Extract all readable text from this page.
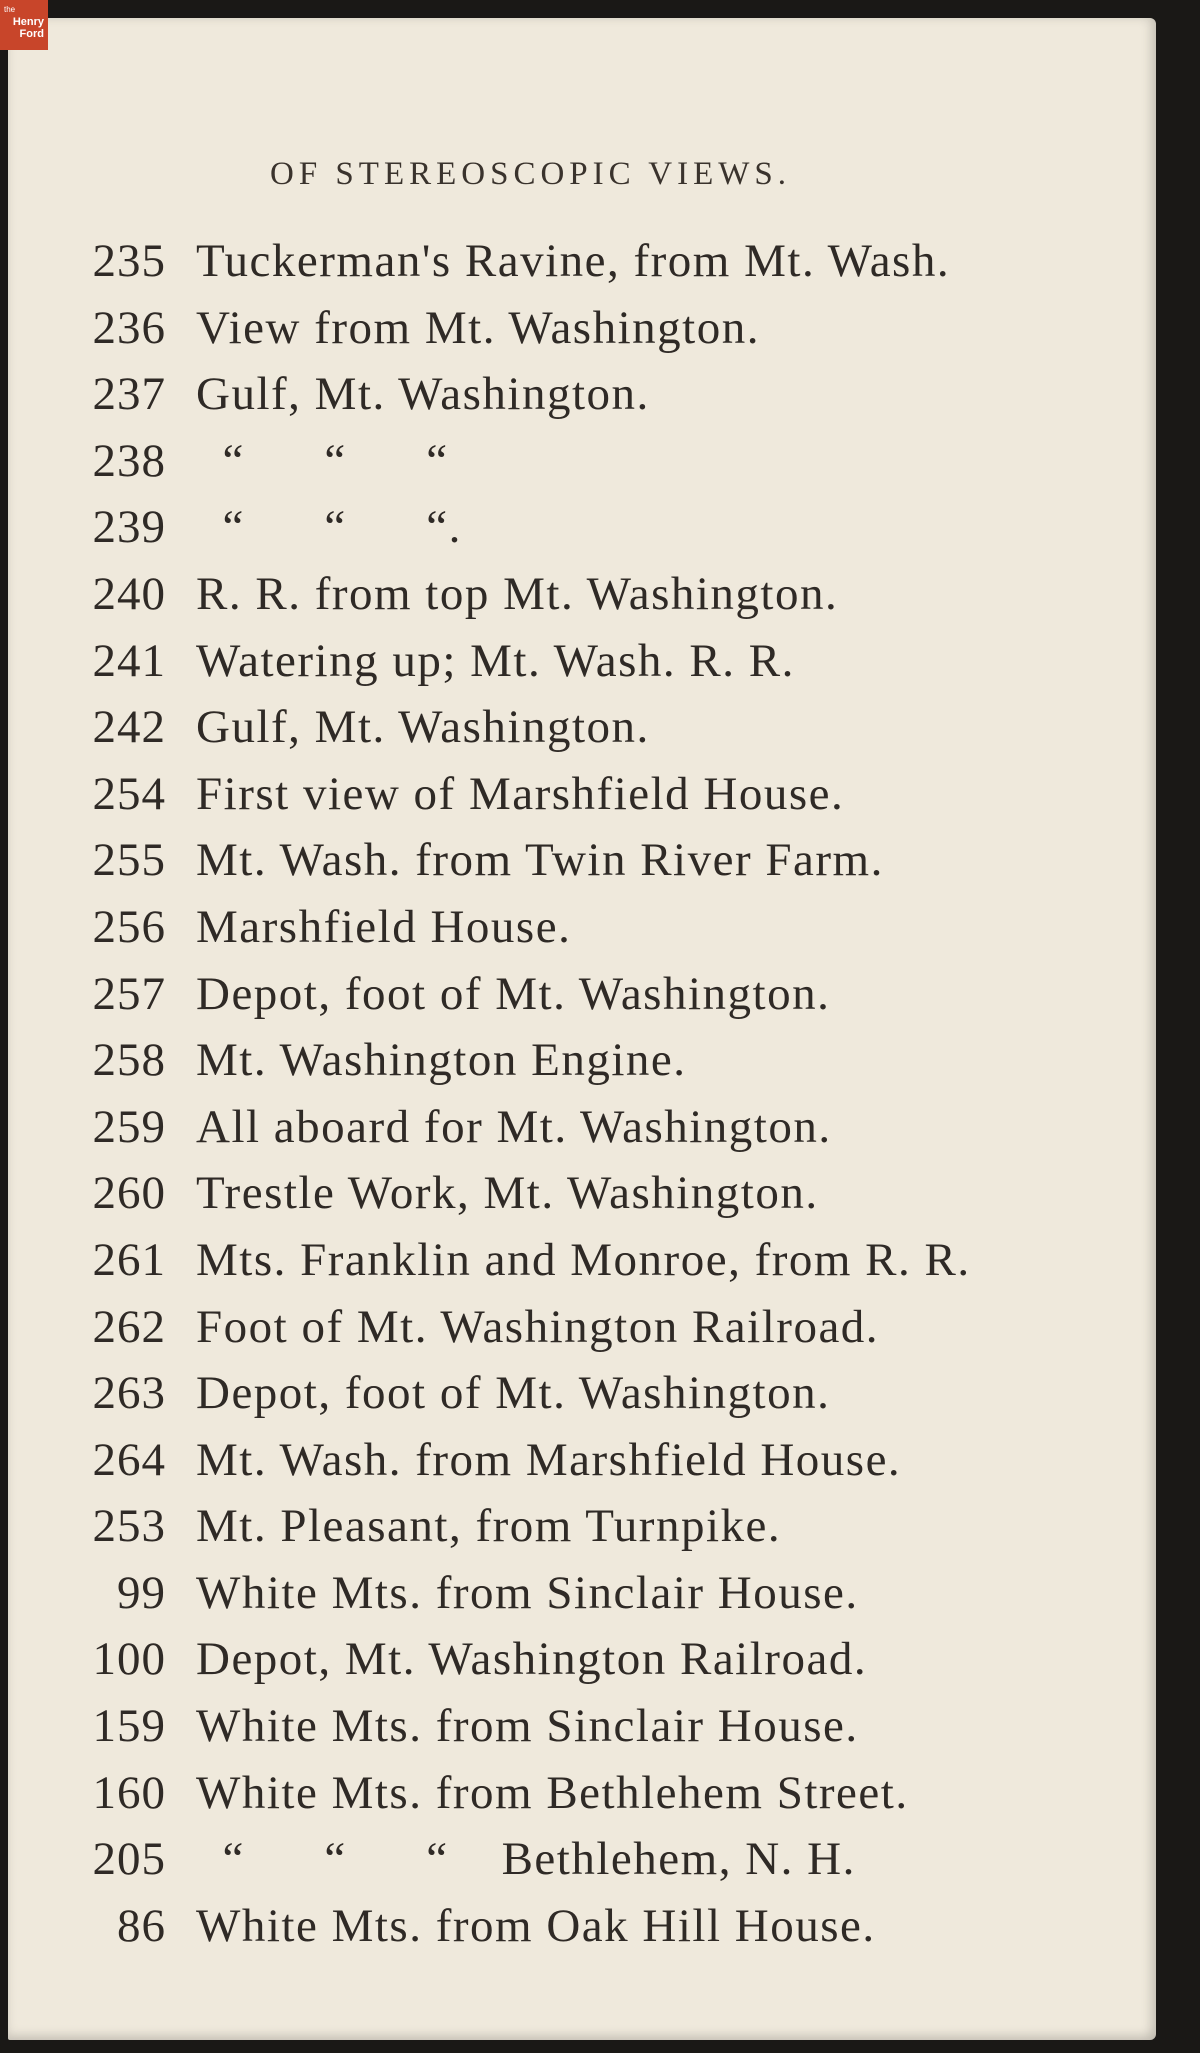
the
Henry
Ford
OF STEREOSCOPIC VIEWS.
235 Tuckerman's Ravine, from Mt. Wash.
236 View from Mt. Washington.
237 Gulf, Mt. Washington.
238 “      “      “
239 “      “      “.
240 R. R. from top Mt. Washington.
241 Watering up; Mt. Wash. R. R.
242 Gulf, Mt. Washington.
254 First view of Marshfield House.
255 Mt. Wash. from Twin River Farm.
256 Marshfield House.
257 Depot, foot of Mt. Washington.
258 Mt. Washington Engine.
259 All aboard for Mt. Washington.
260 Trestle Work, Mt. Washington.
261 Mts. Franklin and Monroe, from R. R.
262 Foot of Mt. Washington Railroad.
263 Depot, foot of Mt. Washington.
264 Mt. Wash. from Marshfield House.
253 Mt. Pleasant, from Turnpike.
99 White Mts. from Sinclair House.
100 Depot, Mt. Washington Railroad.
159 White Mts. from Sinclair House.
160 White Mts. from Bethlehem Street.
205 “      “      “    Bethlehem, N. H.
86 White Mts. from Oak Hill House.
